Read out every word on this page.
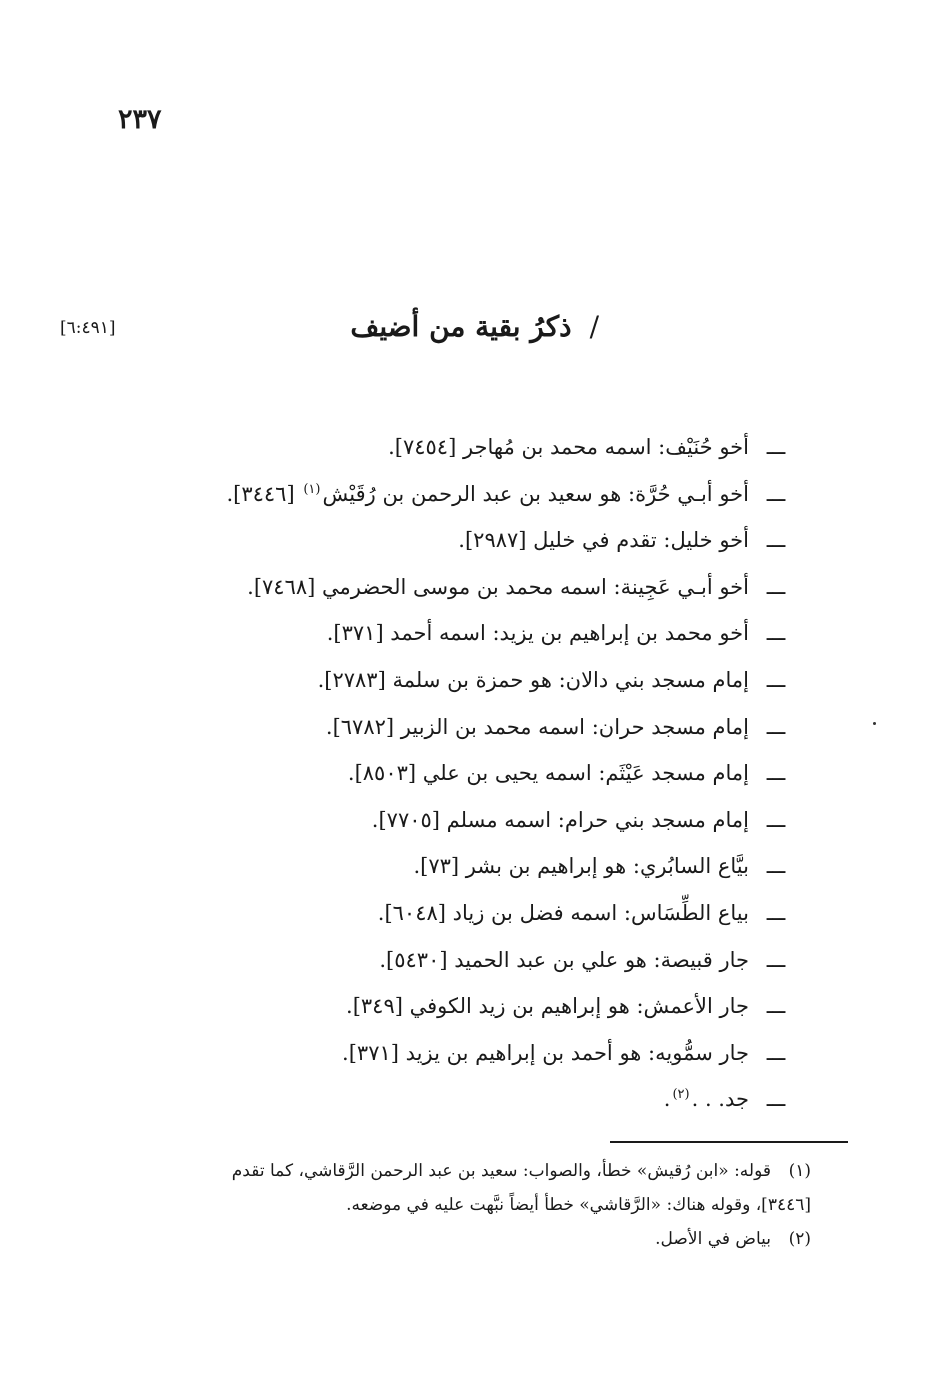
٢٣٧
[٦:٤٩١]	/ذكرُ بقية من أضيف
ـــأخو حُنَيْف: اسمه محمد بن مُهاجر [٧٤٥٤].
ـــأخو أبـي حُرَّة: هو سعيد بن عبد الرحمن بن رُقَيْش$^{(١)}$ [٣٤٤٦].
ـــأخو خليل: تقدم في خليل [٢٩٨٧].
ـــأخو أبـي عَجِينة: اسمه محمد بن موسى الحضرمي [٧٤٦٨].
ـــأخو محمد بن إبراهيم بن يزيد: اسمه أحمد [٣٧١].
ـــإمام مسجد بني دالان: هو حمزة بن سلمة [٢٧٨٣].
ـــإمام مسجد حران: اسمه محمد بن الزبير [٦٧٨٢].
ـــإمام مسجد عَيْثَم: اسمه يحيى بن علي [٨٥٠٣].
ـــإمام مسجد بني حرام: اسمه مسلم [٧٧٠٥].
ـــبيَّاع السابُري: هو إبراهيم بن بشر [٧٣].
ـــبياع الطِّسَاس: اسمه فضل بن زياد [٦٠٤٨].
ـــجار قبيصة: هو علي بن عبد الحميد [٥٤٣٠].
ـــجار الأعمش: هو إبراهيم بن زيد الكوفي [٣٤٩].
ـــجار سمُّويه: هو أحمد بن إبراهيم بن يزيد [٣٧١].
ـــجد. . .$^{(٢)}$.

(١)قوله: «ابن رُقيش» خطأ، والصواب: سعيد بن عبد الرحمن الرَّقاشي، كما تقدم
[٣٤٤٦]، وقوله هناك: «الرَّقاشي» خطأ أيضاً نبَّهت عليه في موضعه.

(٢)بياض في الأصل.
